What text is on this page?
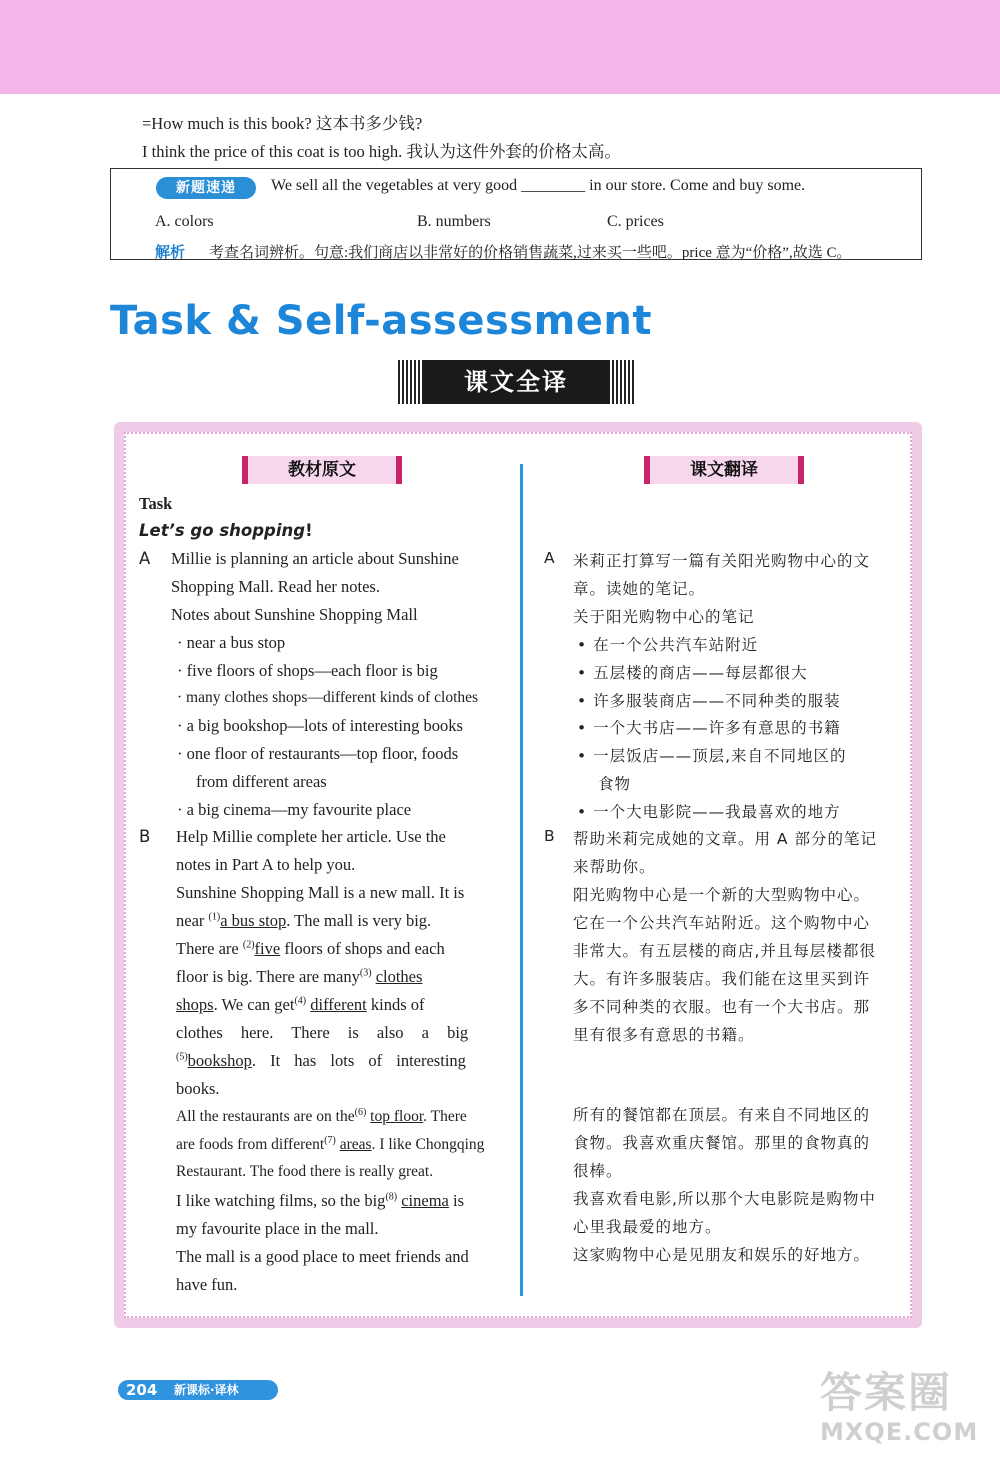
=How much is this book? 这本书多少钱?
I think the price of this coat is too high. 我认为这件外套的价格太高。
新题速递	We sell all the vegetables at very good ________ in our store. Come and buy some.
A. colors	B. numbers	C. prices
解析 考查名词辨析。句意:我们商店以非常好的价格销售蔬菜,过来买一些吧。price 意为“价格”,故选 C。
Task & Self-assessment
课文全译
教材原文	课文翻译
Task
Let’s go shopping!
A Millie is planning an article about Sunshine
Shopping Mall. Read her notes.
Notes about Sunshine Shopping Mall
· near a bus stop
· five floors of shops—each floor is big
· many clothes shops—different kinds of clothes
· a big bookshop—lots of interesting books
· one floor of restaurants—top floor, foods
from different areas
· a big cinema—my favourite place
B Help Millie complete her article. Use the
notes in Part A to help you.
Sunshine Shopping Mall is a new mall. It is
near $^{(1)}$a bus stop. The mall is very big.
There are $^{(2)}$five floors of shops and each
floor is big. There are many$^{(3)}$ clothes
shops. We can get$^{(4)}$ different kinds of
clothes here. There is also a big
$^{(5)}$bookshop. It has lots of interesting
books.
All the restaurants are on the$^{(6)}$ top floor. There
are foods from different$^{(7)}$ areas. I like Chongqing
Restaurant. The food there is really great.
I like watching films, so the big$^{(8)}$ cinema is
my favourite place in the mall.
The mall is a good place to meet friends and
have fun.
A 米莉正打算写一篇有关阳光购物中心的文
章。读她的笔记。
关于阳光购物中心的笔记
• 在一个公共汽车站附近
• 五层楼的商店——每层都很大
• 许多服装商店——不同种类的服装
• 一个大书店——许多有意思的书籍
• 一层饭店——顶层,来自不同地区的
食物
• 一个大电影院——我最喜欢的地方
B 帮助米莉完成她的文章。用 A 部分的笔记
来帮助你。
阳光购物中心是一个新的大型购物中心。
它在一个公共汽车站附近。这个购物中心
非常大。有五层楼的商店,并且每层楼都很
大。有许多服装店。我们能在这里买到许
多不同种类的衣服。也有一个大书店。那
里有很多有意思的书籍。
所有的餐馆都在顶层。有来自不同地区的
食物。我喜欢重庆餐馆。那里的食物真的
很棒。
我喜欢看电影,所以那个大电影院是购物中
心里我最爱的地方。
这家购物中心是见朋友和娱乐的好地方。
204 新课标·译林	答案圈
MXQE.COM
